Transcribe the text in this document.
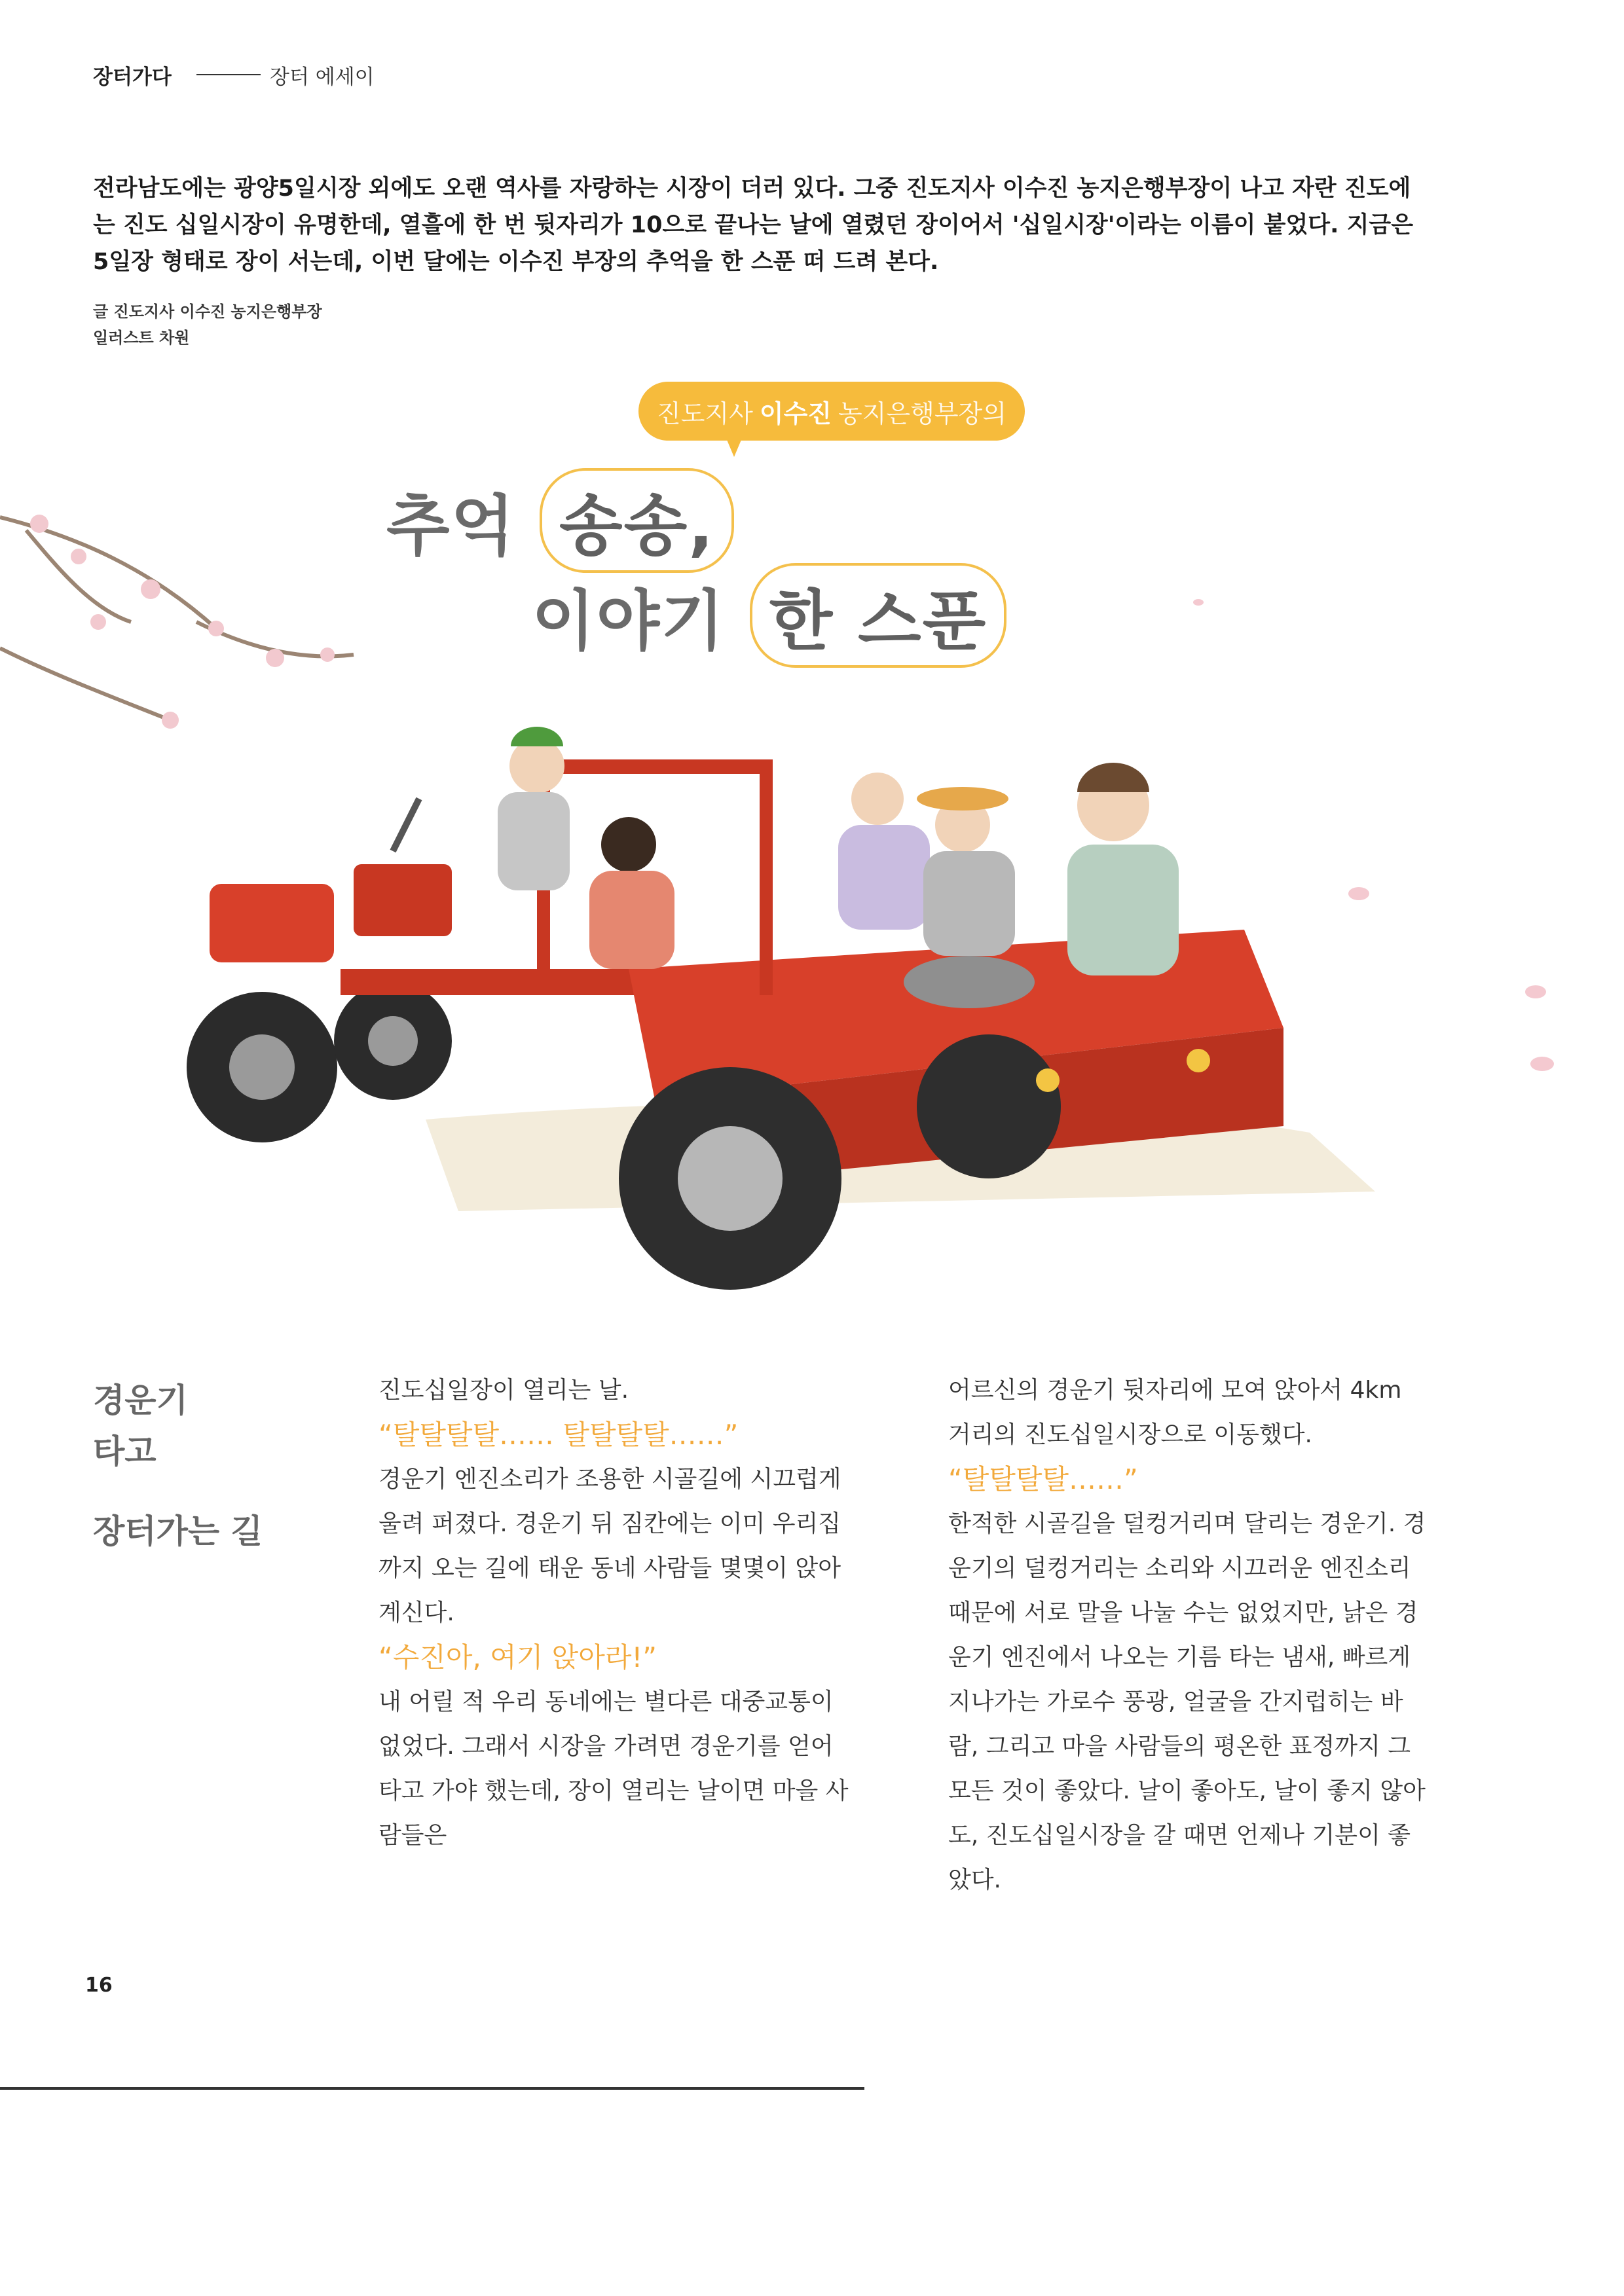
장터가다	장터 에세이
전라남도에는 광양5일시장 외에도 오랜 역사를 자랑하는 시장이 더러 있다. 그중 진도지사 이수진 농지은행부장이 나고 자란 진도에는 진도 십일시장이 유명한데, 열흘에 한 번 뒷자리가 10으로 끝나는 날에 열렸던 장이어서 '십일시장'이라는 이름이 붙었다. 지금은 5일장 형태로 장이 서는데, 이번 달에는 이수진 부장의 추억을 한 스푼 떠 드려 본다.
글 진도지사 이수진 농지은행부장
일러스트 차원
진도지사 이수진 농지은행부장의
추억 송송,
이야기 한 스푼
경운기
타고
장터가는 길

진도십일장이 열리는 날.

“탈탈탈탈…… 탈탈탈탈……”

경운기 엔진소리가 조용한 시골길에 시끄럽게 울려 퍼졌다. 경운기 뒤 짐칸에는 이미 우리집까지 오는 길에 태운 동네 사람들 몇몇이 앉아 계신다.

“수진아, 여기 앉아라!”

내 어릴 적 우리 동네에는 별다른 대중교통이 없었다. 그래서 시장을 가려면 경운기를 얻어 타고 가야 했는데, 장이 열리는 날이면 마을 사람들은

어르신의 경운기 뒷자리에 모여 앉아서 4km 거리의 진도십일시장으로 이동했다.

“탈탈탈탈……”

한적한 시골길을 덜컹거리며 달리는 경운기. 경운기의 덜컹거리는 소리와 시끄러운 엔진소리 때문에 서로 말을 나눌 수는 없었지만, 낡은 경운기 엔진에서 나오는 기름 타는 냄새, 빠르게 지나가는 가로수 풍광, 얼굴을 간지럽히는 바람, 그리고 마을 사람들의 평온한 표정까지 그 모든 것이 좋았다. 날이 좋아도, 날이 좋지 않아도, 진도십일시장을 갈 때면 언제나 기분이 좋았다.

16
